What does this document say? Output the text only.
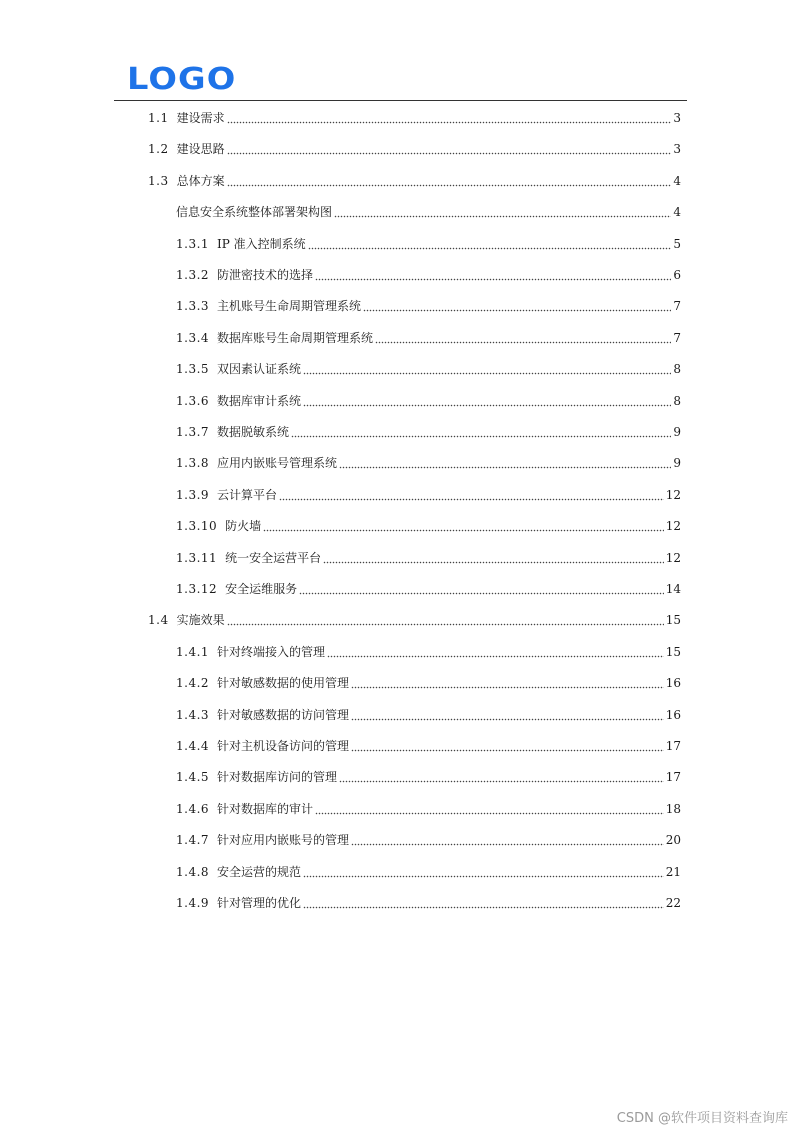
LOGO
1.1 建设需求	3
1.2 建设思路	3
1.3 总体方案	4
信息安全系统整体部署架构图	4
1.3.1 IP 准入控制系统	5
1.3.2 防泄密技术的选择	6
1.3.3 主机账号生命周期管理系统	7
1.3.4 数据库账号生命周期管理系统	7
1.3.5 双因素认证系统	8
1.3.6 数据库审计系统	8
1.3.7 数据脱敏系统	9
1.3.8 应用内嵌账号管理系统	9
1.3.9 云计算平台	12
1.3.10 防火墙	12
1.3.11 统一安全运营平台	12
1.3.12 安全运维服务	14
1.4 实施效果	15
1.4.1 针对终端接入的管理	15
1.4.2 针对敏感数据的使用管理	16
1.4.3 针对敏感数据的访问管理	16
1.4.4 针对主机设备访问的管理	17
1.4.5 针对数据库访问的管理	17
1.4.6 针对数据库的审计	18
1.4.7 针对应用内嵌账号的管理	20
1.4.8 安全运营的规范	21
1.4.9 针对管理的优化	22
CSDN @软件项目资料查询库
